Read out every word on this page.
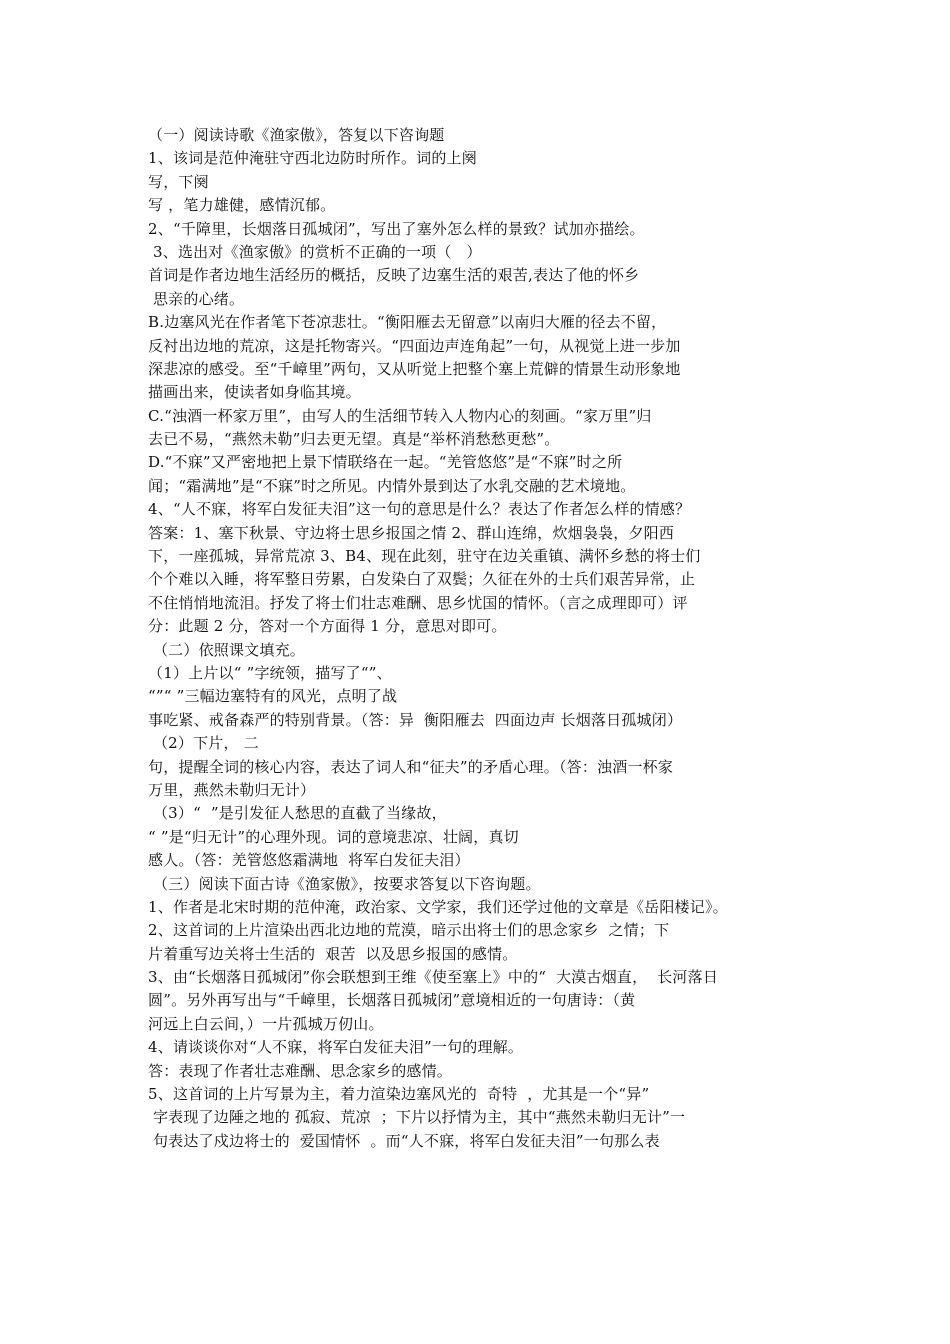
（一）阅读诗歌《渔家傲》，答复以下咨询题
1、该词是范仲淹驻守西北边防时所作。词的上阕
写，下阕
写 ，笔力雄健，感情沉郁。
2、“千障里，长烟落日孤城闭”，写出了塞外怎么样的景致？试加亦描绘。
3、选出对《渔家傲》的赏析不正确的一项（   ）
首词是作者边地生活经历的概括，反映了边塞生活的艰苦,表达了他的怀乡
思亲的心绪。
B.边塞风光在作者笔下苍凉悲壮。“衡阳雁去无留意”以南归大雁的径去不留，
反衬出边地的荒凉，这是托物寄兴。“四面边声连角起”一句，从视觉上进一步加
深悲凉的感受。至“千嶂里”两句，又从听觉上把整个塞上荒僻的情景生动形象地
描画出来，使读者如身临其境。
C.“浊酒一杯家万里”，由写人的生活细节转入人物内心的刻画。“家万里”归
去已不易，“燕然未勒”归去更无望。真是“举杯消愁愁更愁”。
D.“不寐”又严密地把上景下情联络在一起。“羌管悠悠”是“不寐”时之所
闻；“霜满地”是“不寐”时之所见。内情外景到达了水乳交融的艺术境地。
4、“人不寐，将军白发征夫泪”这一句的意思是什么？表达了作者怎么样的情感？
答案：1、塞下秋景、守边将士思乡报国之情 2、群山连绵，炊烟袅袅，夕阳西
下，一座孤城，异常荒凉 3、B4、现在此刻，驻守在边关重镇、满怀乡愁的将士们
个个难以入睡，将军整日劳累，白发染白了双鬓；久征在外的士兵们艰苦异常，止
不住悄悄地流泪。抒发了将士们壮志难酬、思乡忧国的情怀。（言之成理即可）评
分：此题 2 分，答对一个方面得 1 分，意思对即可。
（二）依照课文填充。
（1）上片以“ ”字统领，描写了“”、
“”“ ”三幅边塞特有的风光，点明了战
事吃紧、戒备森严的特别背景。（答：异  衡阳雁去  四面边声 长烟落日孤城闭）
（2）下片， 二
句，提醒全词的核心内容，表达了词人和“征夫”的矛盾心理。（答：浊酒一杯家
万里，燕然未勒归无计）
（3）“  ”是引发征人愁思的直截了当缘故，
“ ”是“归无计”的心理外现。词的意境悲凉、壮阔，真切
感人。（答：羌管悠悠霜满地  将军白发征夫泪）
（三）阅读下面古诗《渔家傲》，按要求答复以下咨询题。
1、作者是北宋时期的范仲淹，政治家、文学家，我们还学过他的文章是《岳阳楼记》。
2、这首词的上片渲染出西北边地的荒漠，暗示出将士们的思念家乡  之情；下
片着重写边关将士生活的  艰苦  以及思乡报国的感情。
3、由“长烟落日孤城闭”你会联想到王维《使至塞上》中的“  大漠古烟直，  长河落日
圆”。另外再写出与“千嶂里，长烟落日孤城闭”意境相近的一句唐诗：（黄
河远上白云间，）一片孤城万仞山。
4、请谈谈你对“人不寐，将军白发征夫泪”一句的理解。
答：表现了作者壮志难酬、思念家乡的感情。
5、这首词的上片写景为主，着力渲染边塞风光的  奇特  ，尤其是一个“异”
字表现了边陲之地的 孤寂、荒凉  ；下片以抒情为主，其中“燕然未勒归无计”一
句表达了戍边将士的  爱国情怀  。而“人不寐，将军白发征夫泪”一句那么表
